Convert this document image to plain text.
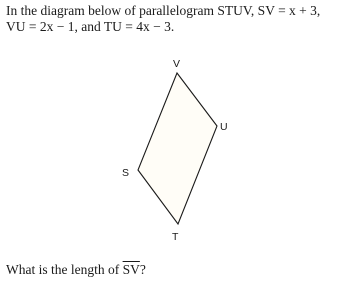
In the diagram below of parallelogram STUV, SV = x + 3,
VU = 2x − 1, and TU = 4x − 3.
V
U
S
T
What is the length of $\overline{SV}$?
